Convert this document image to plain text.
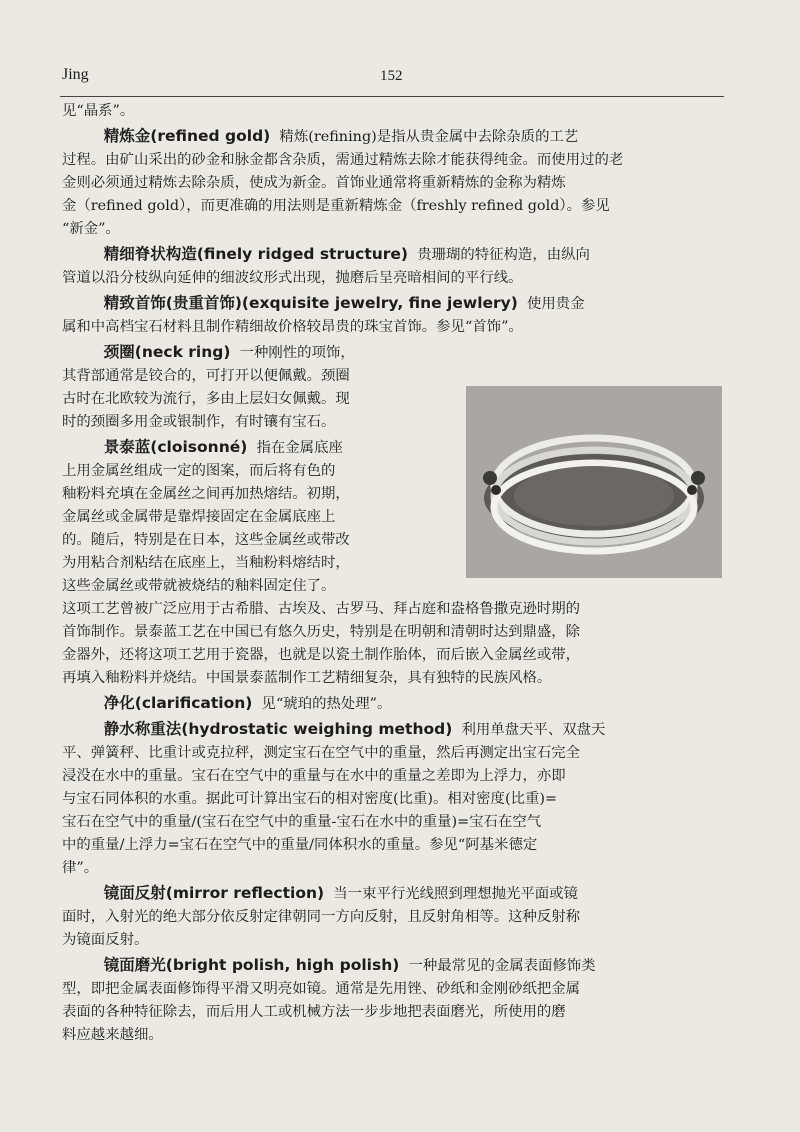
Jing	152

见“晶系”。

精炼金(refined gold) 精炼(refining)是指从贵金属中去除杂质的工艺

过程。由矿山采出的砂金和脉金都含杂质，需通过精炼去除才能获得纯金。而使用过的老

金则必须通过精炼去除杂质，使成为新金。首饰业通常将重新精炼的金称为精炼

金（refined gold），而更准确的用法则是重新精炼金（freshly refined gold）。参见

“新金”。

精细脊状构造(finely ridged structure) 贵珊瑚的特征构造，由纵向

管道以沿分枝纵向延伸的细波纹形式出现，抛磨后呈亮暗相间的平行线。

精致首饰(贵重首饰)(exquisite jewelry, fine jewlery) 使用贵金

属和中高档宝石材料且制作精细故价格较昂贵的珠宝首饰。参见“首饰”。

颈圈(neck ring) 一种刚性的项饰，

其背部通常是铰合的，可打开以便佩戴。颈圈

古时在北欧较为流行，多由上层妇女佩戴。现

时的颈圈多用金或银制作，有时镶有宝石。

景泰蓝(cloisonné) 指在金属底座

上用金属丝组成一定的图案，而后将有色的

釉粉料充填在金属丝之间再加热熔结。初期，

金属丝或金属带是靠焊接固定在金属底座上

的。随后，特别是在日本，这些金属丝或带改

为用粘合剂粘结在底座上，当釉粉料熔结时，

这些金属丝或带就被烧结的釉料固定住了。

这项工艺曾被广泛应用于古希腊、古埃及、古罗马、拜占庭和盎格鲁撒克逊时期的

首饰制作。景泰蓝工艺在中国已有悠久历史，特别是在明朝和清朝时达到鼎盛，除

金器外，还将这项工艺用于瓷器，也就是以瓷土制作胎体，而后嵌入金属丝或带，

再填入釉粉料并烧结。中国景泰蓝制作工艺精细复杂，具有独特的民族风格。

净化(clarification) 见“琥珀的热处理”。

静水称重法(hydrostatic weighing method) 利用单盘天平、双盘天

平、弹簧秤、比重计或克拉秤，测定宝石在空气中的重量，然后再测定出宝石完全

浸没在水中的重量。宝石在空气中的重量与在水中的重量之差即为上浮力，亦即

与宝石同体积的水重。据此可计算出宝石的相对密度(比重)。相对密度(比重)=

宝石在空气中的重量/(宝石在空气中的重量-宝石在水中的重量)=宝石在空气

中的重量/上浮力=宝石在空气中的重量/同体积水的重量。参见“阿基米德定

律”。

镜面反射(mirror reflection) 当一束平行光线照到理想抛光平面或镜

面时，入射光的绝大部分依反射定律朝同一方向反射，且反射角相等。这种反射称

为镜面反射。

镜面磨光(bright polish, high polish) 一种最常见的金属表面修饰类

型，即把金属表面修饰得平滑又明亮如镜。通常是先用锉、砂纸和金刚砂纸把金属

表面的各种特征除去，而后用人工或机械方法一步步地把表面磨光，所使用的磨

料应越来越细。
